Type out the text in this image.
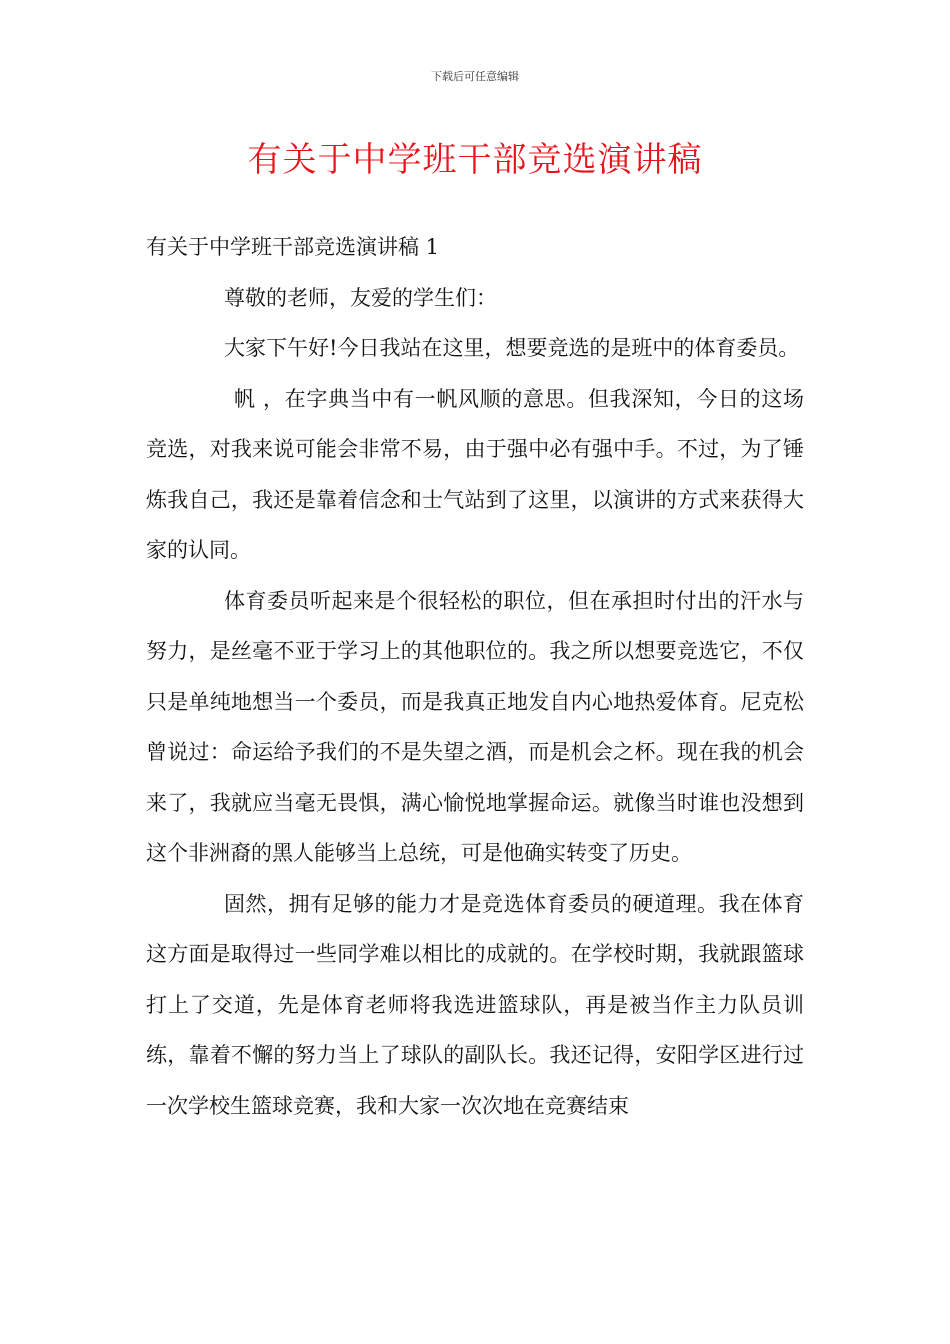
下载后可任意编辑
有关于中学班干部竞选演讲稿

有关于中学班干部竞选演讲稿 1

尊敬的老师，友爱的学生们：

大家下午好!今日我站在这里，想要竞选的是班中的体育委员。

帆 ，在字典当中有一帆风顺的意思。但我深知，今日的这场竞选，对我来说可能会非常不易，由于强中必有强中手。不过，为了锤炼我自己，我还是靠着信念和士气站到了这里，以演讲的方式来获得大家的认同。

体育委员听起来是个很轻松的职位，但在承担时付出的汗水与努力，是丝毫不亚于学习上的其他职位的。我之所以想要竞选它，不仅只是单纯地想当一个委员，而是我真正地发自内心地热爱体育。尼克松曾说过：命运给予我们的不是失望之酒，而是机会之杯。现在我的机会来了，我就应当毫无畏惧，满心愉悦地掌握命运。就像当时谁也没想到这个非洲裔的黑人能够当上总统，可是他确实转变了历史。

固然，拥有足够的能力才是竞选体育委员的硬道理。我在体育这方面是取得过一些同学难以相比的成就的。在学校时期，我就跟篮球打上了交道，先是体育老师将我选进篮球队，再是被当作主力队员训练，靠着不懈的努力当上了球队的副队长。我还记得，安阳学区进行过一次学校生篮球竞赛，我和大家一次次地在竞赛结束
